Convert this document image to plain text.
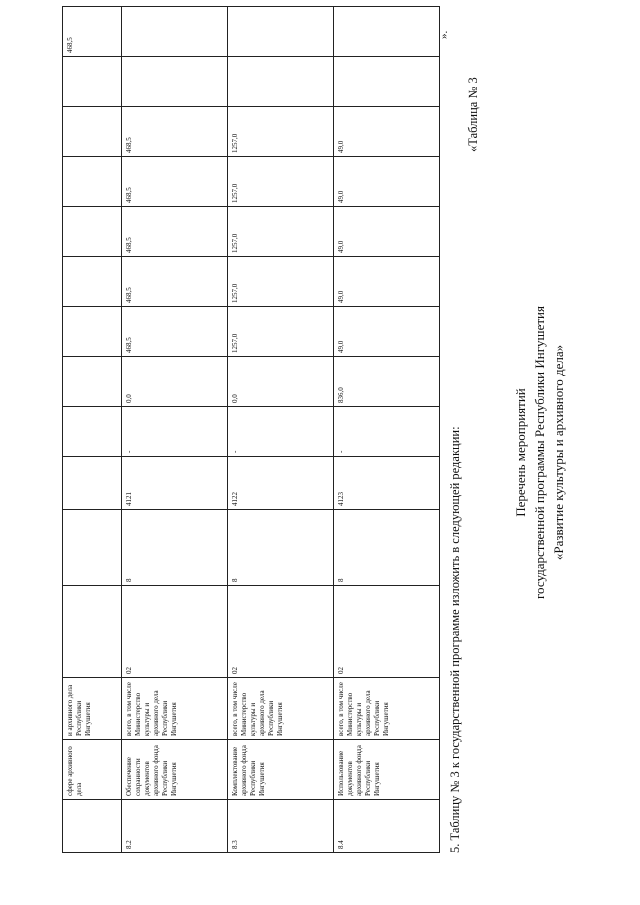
	сфере архивного дела	и архивного дела Республики Ингушетия												468,5
8.2	Обеспечение сохранности документов архивного фонда Республики Ингушетия	всего, в том числе Министерство культуры и архивного дела Республики Ингушетия	02	8	4121	-	0,0	468,5	468,5	468,5	468,5	468,5		
8.3	Комплектование архивного фонда Республики Ингушетия	всего, в том числе Министерство культуры и архивного дела Республики Ингушетия	02	8	4122	-	0,0	1257,0	1257,0	1257,0	1257,0	1257,0		
8.4	Использование документов архивного фонда Республики Ингушетия	всего, в том числе Министерство культуры и архивного дела Республики Ингушетия	02	8	4123	-	836,0	49,0	49,0	49,0	49,0	49,0		
».
5. Таблицу № 3 к государственной программе изложить в следующей редакции:
«Таблица № 3
Перечень мероприятий государственной программы Республики Ингушетия «Развитие культуры и архивного дела»
